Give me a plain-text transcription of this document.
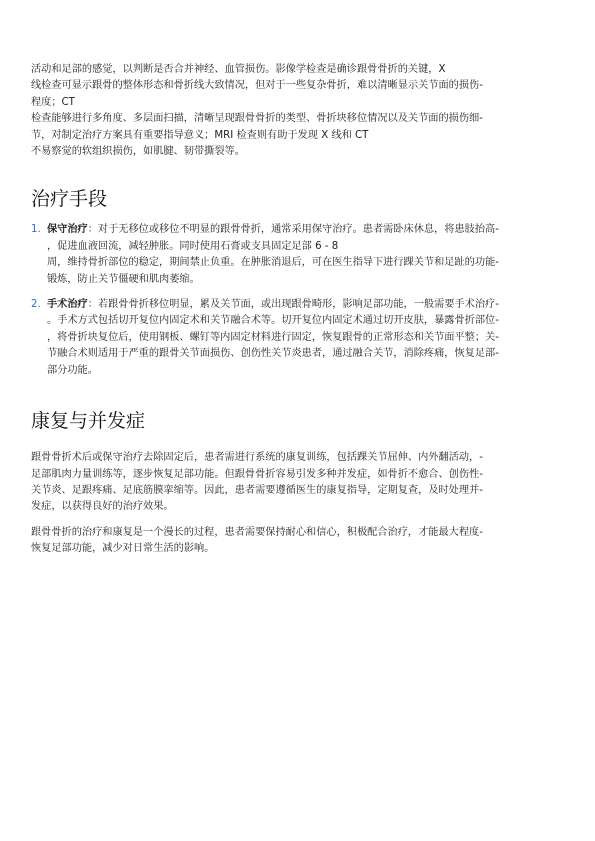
活动和足部的感觉，以判断是否合并神经、血管损伤。影像学检查是确诊跟骨骨折的关键，X
线检查可显示跟骨的整体形态和骨折线大致情况，但对于一些复杂骨折，难以清晰显示关节面的损伤-
程度；CT
检查能够进行多角度、多层面扫描，清晰呈现跟骨骨折的类型、骨折块移位情况以及关节面的损伤细-
节，对制定治疗方案具有重要指导意义；MRI 检查则有助于发现 X 线和 CT
不易察觉的软组织损伤，如肌腱、韧带撕裂等。

治疗手段
1. 保守治疗：对于无移位或移位不明显的跟骨骨折，通常采用保守治疗。患者需卧床休息，将患肢抬高-
，促进血液回流，减轻肿胀。同时使用石膏或支具固定足部 6 - 8
周，维持骨折部位的稳定，期间禁止负重。在肿胀消退后，可在医生指导下进行踝关节和足趾的功能-
锻炼，防止关节僵硬和肌肉萎缩。

2. 手术治疗：若跟骨骨折移位明显，累及关节面，或出现跟骨畸形，影响足部功能，一般需要手术治疗-
。手术方式包括切开复位内固定术和关节融合术等。切开复位内固定术通过切开皮肤，暴露骨折部位-
，将骨折块复位后，使用钢板、螺钉等内固定材料进行固定，恢复跟骨的正常形态和关节面平整；关-
节融合术则适用于严重的跟骨关节面损伤、创伤性关节炎患者，通过融合关节，消除疼痛，恢复足部-
部分功能。

康复与并发症

跟骨骨折术后或保守治疗去除固定后，患者需进行系统的康复训练，包括踝关节屈伸、内外翻活动，-
足部肌肉力量训练等，逐步恢复足部功能。但跟骨骨折容易引发多种并发症，如骨折不愈合、创伤性-
关节炎、足跟疼痛、足底筋膜挛缩等。因此，患者需要遵循医生的康复指导，定期复查，及时处理并-
发症，以获得良好的治疗效果。

跟骨骨折的治疗和康复是一个漫长的过程，患者需要保持耐心和信心，积极配合治疗，才能最大程度-
恢复足部功能，减少对日常生活的影响。
